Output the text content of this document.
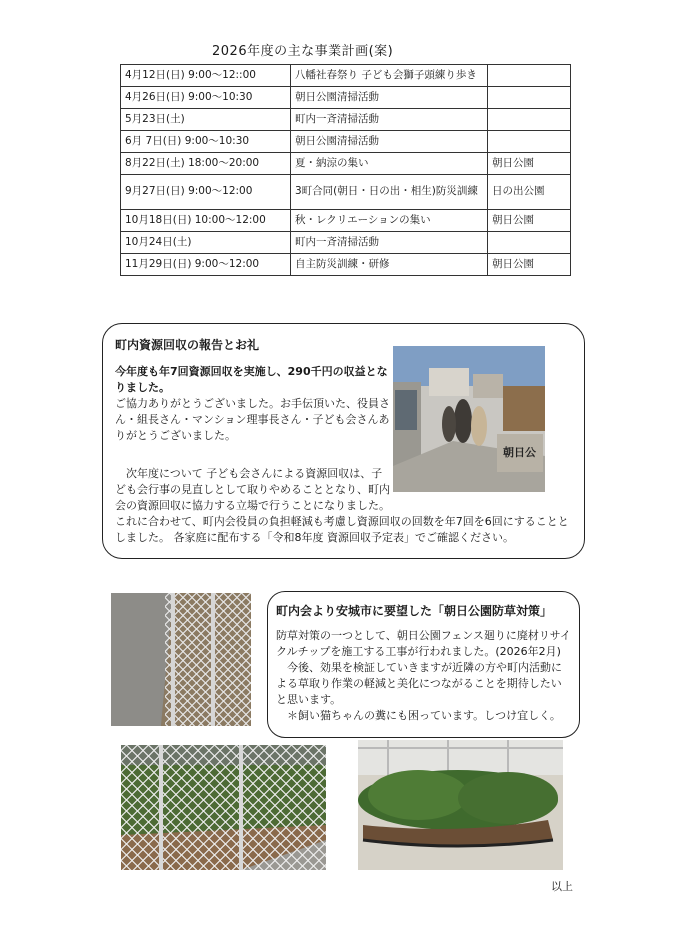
2026年度の主な事業計画(案)
4月12日(日) 9:00～12::00	八幡社春祭り 子ども会獅子頭練り歩き	
4月26日(日) 9:00～10:30	朝日公園清掃活動	
5月23日(土)	町内一斉清掃活動	
6月 7日(日) 9:00～10:30	朝日公園清掃活動	
8月22日(土) 18:00～20:00	夏・納涼の集い	朝日公園
9月27日(日) 9:00～12:00	3町合同(朝日・日の出・相生)防災訓練	日の出公園
10月18日(日) 10:00～12:00	秋・レクリエーションの集い	朝日公園
10月24日(土)	町内一斉清掃活動	
11月29日(日) 9:00～12:00	自主防災訓練・研修	朝日公園
町内資源回収の報告とお礼
今年度も年7回資源回収を実施し、290千円の収益となりました。
ご協力ありがとうございました。お手伝頂いた、役員さん・組長さん・マンション理事長さん・子ども会さんありがとうございました。
次年度について 子ども会さんによる資源回収は、子ども会行事の見直しとして取りやめることとなり、町内会の資源回収に協力する立場で行うことになりました。
これに合わせて、町内会役員の負担軽減も考慮し資源回収の回数を年7回を6回にすることとしました。 各家庭に配布する「令和8年度 資源回収予定表」でご確認ください。
朝日公
町内会より安城市に要望した「朝日公園防草対策」

防草対策の一つとして、朝日公園フェンス廻りに廃材リサイクルチップを施工する工事が行われました。(2026年2月)

今後、効果を検証していきますが近隣の方や町内活動による草取り作業の軽減と美化につながることを期待したいと思います。

＊飼い猫ちゃんの糞にも困っています。しつけ宜しく。

以上
